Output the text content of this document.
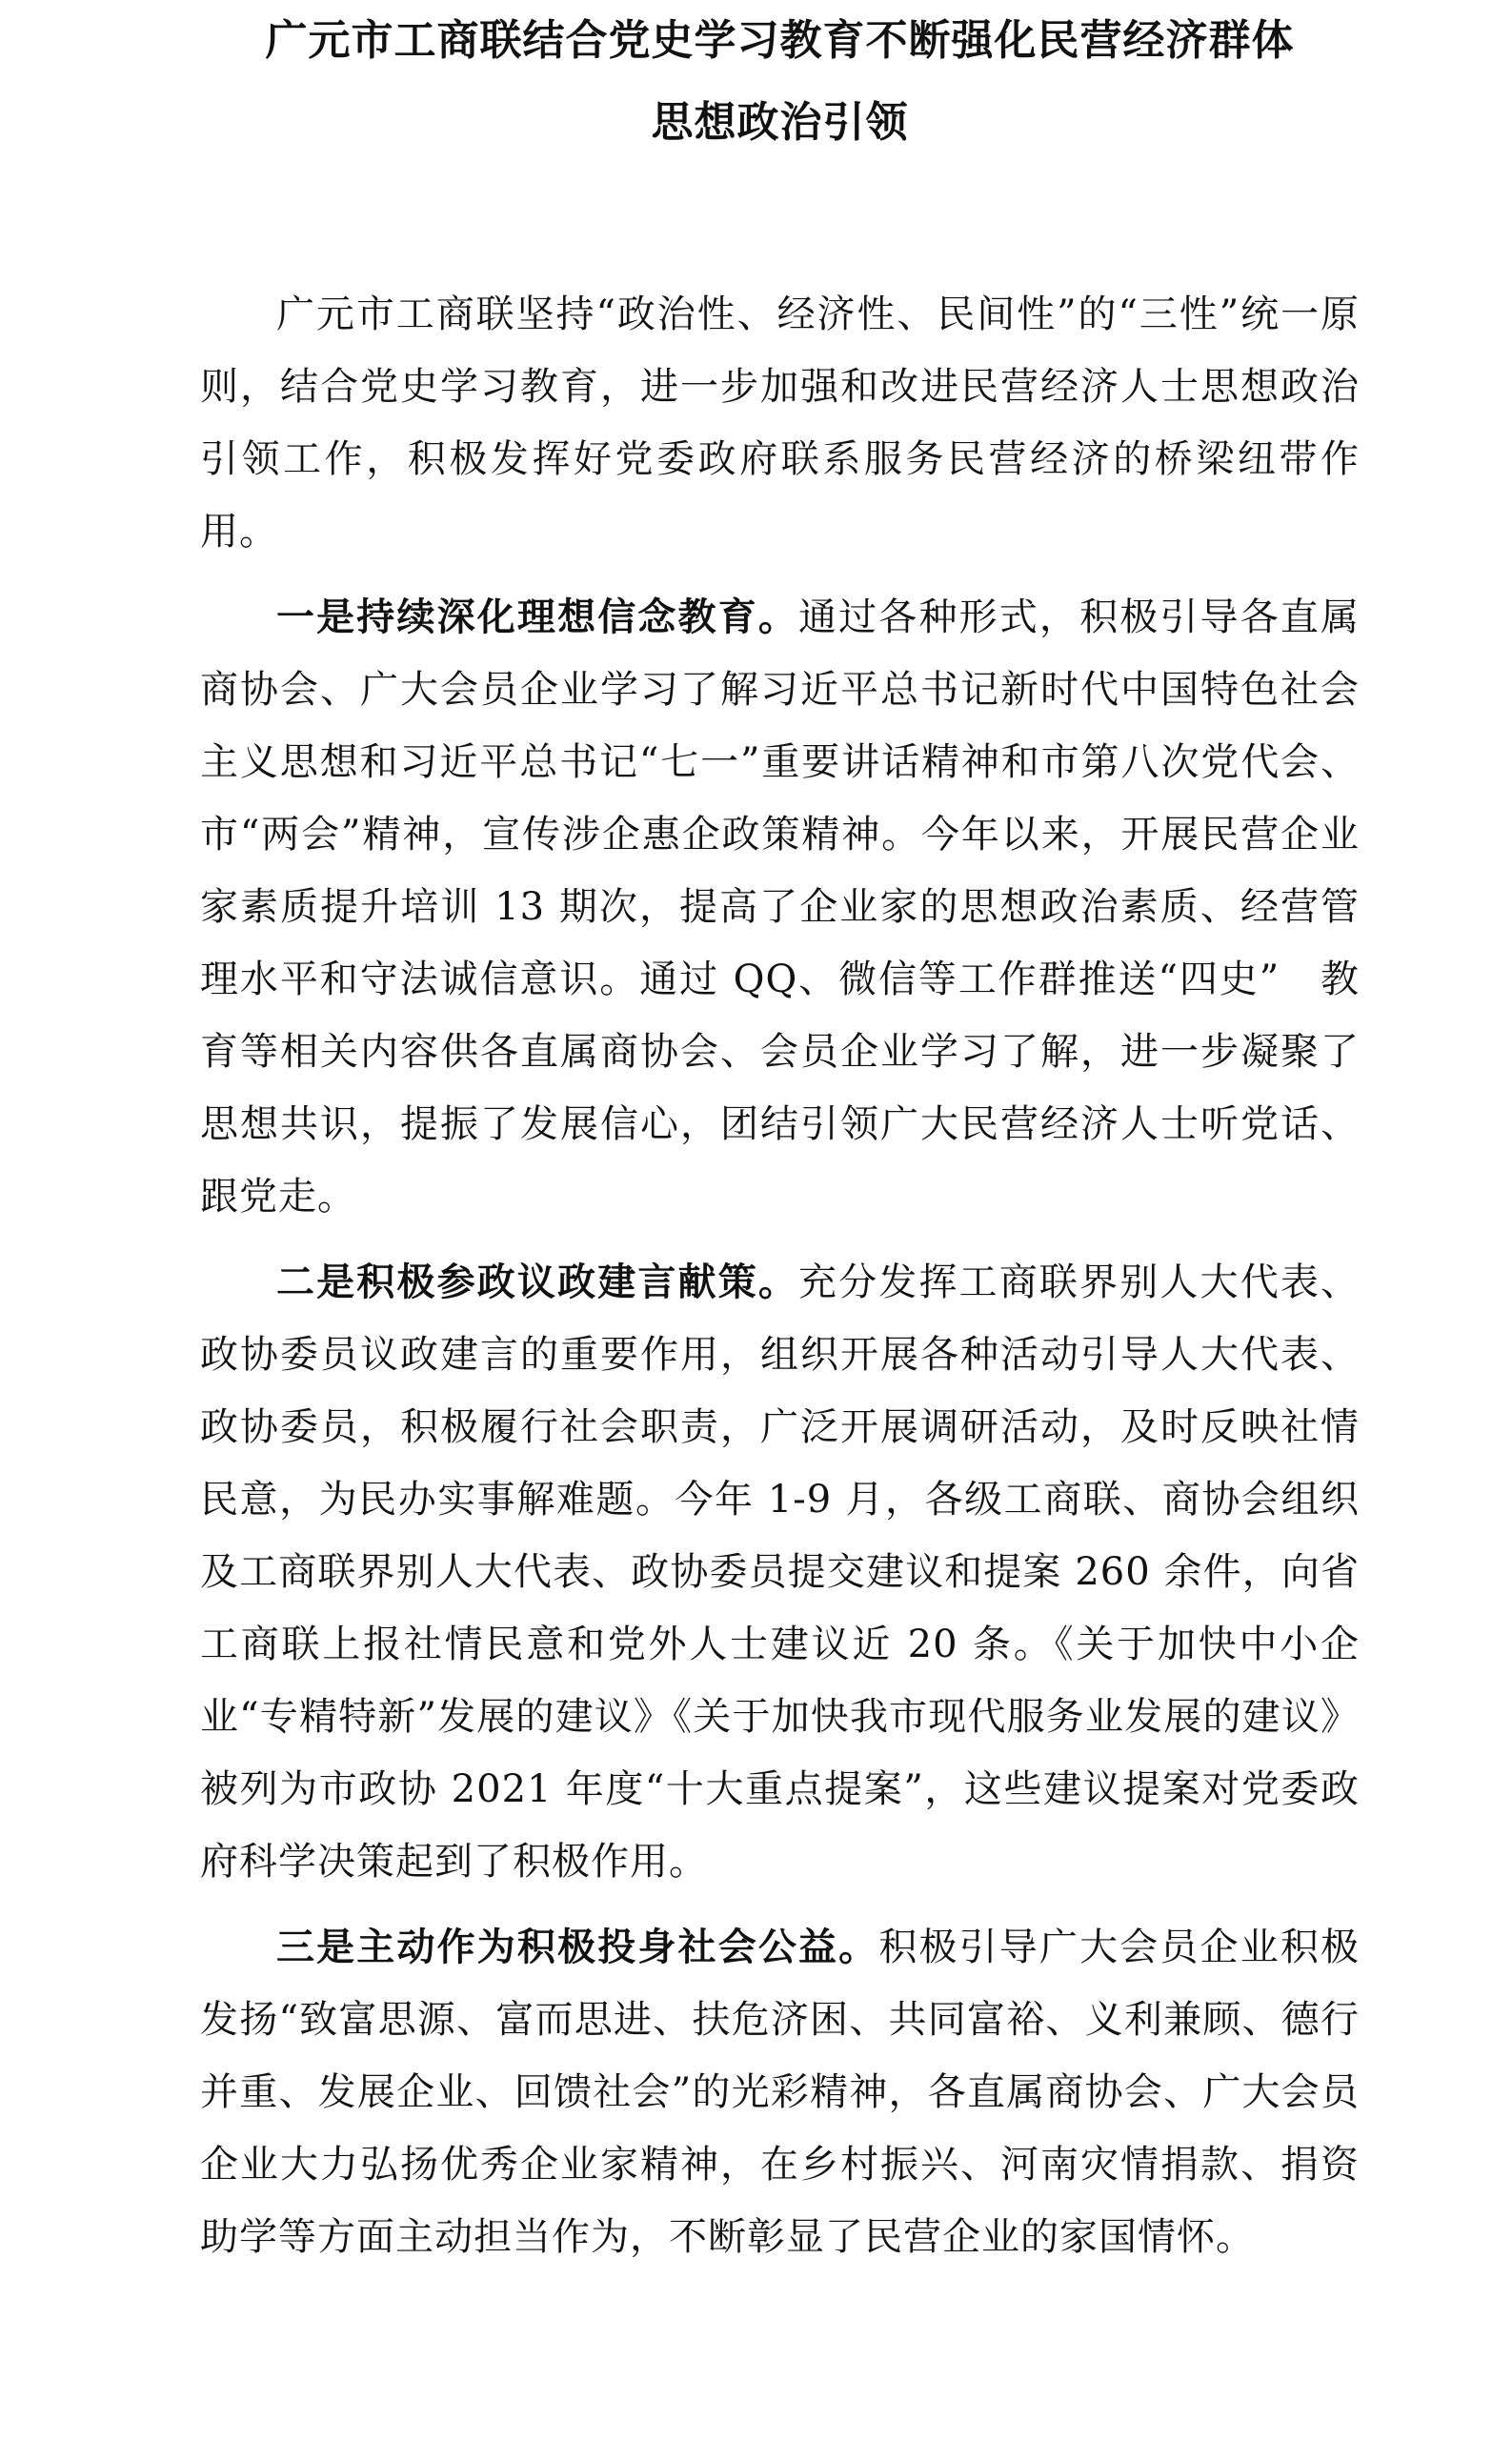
广元市工商联结合党史学习教育不断强化民营经济群体
思想政治引领

广元市工商联坚持“政治性、经济性、民间性”的“三性”统一原则，结合党史学习教育，进一步加强和改进民营经济人士思想政治引领工作，积极发挥好党委政府联系服务民营经济的桥梁纽带作用。

一是持续深化理想信念教育。通过各种形式，积极引导各直属商协会、广大会员企业学习了解习近平总书记新时代中国特色社会主义思想和习近平总书记“七一”重要讲话精神和市第八次党代会、市“两会”精神，宣传涉企惠企政策精神。今年以来，开展民营企业家素质提升培训 13 期次，提高了企业家的思想政治素质、经营管理水平和守法诚信意识。通过 QQ、微信等工作群推送“四史”　教育等相关内容供各直属商协会、会员企业学习了解，进一步凝聚了思想共识，提振了发展信心，团结引领广大民营经济人士听党话、跟党走。

二是积极参政议政建言献策。充分发挥工商联界别人大代表、政协委员议政建言的重要作用，组织开展各种活动引导人大代表、政协委员，积极履行社会职责，广泛开展调研活动，及时反映社情民意，为民办实事解难题。今年 1-9 月，各级工商联、商协会组织及工商联界别人大代表、政协委员提交建议和提案 260 余件，向省工商联上报社情民意和党外人士建议近 20 条。《关于加快中小企业“专精特新”发展的建议》《关于加快我市现代服务业发展的建议》被列为市政协 2021 年度“十大重点提案”，这些建议提案对党委政府科学决策起到了积极作用。

三是主动作为积极投身社会公益。积极引导广大会员企业积极发扬“致富思源、富而思进、扶危济困、共同富裕、义利兼顾、德行并重、发展企业、回馈社会”的光彩精神，各直属商协会、广大会员企业大力弘扬优秀企业家精神，在乡村振兴、河南灾情捐款、捐资助学等方面主动担当作为，不断彰显了民营企业的家国情怀。
